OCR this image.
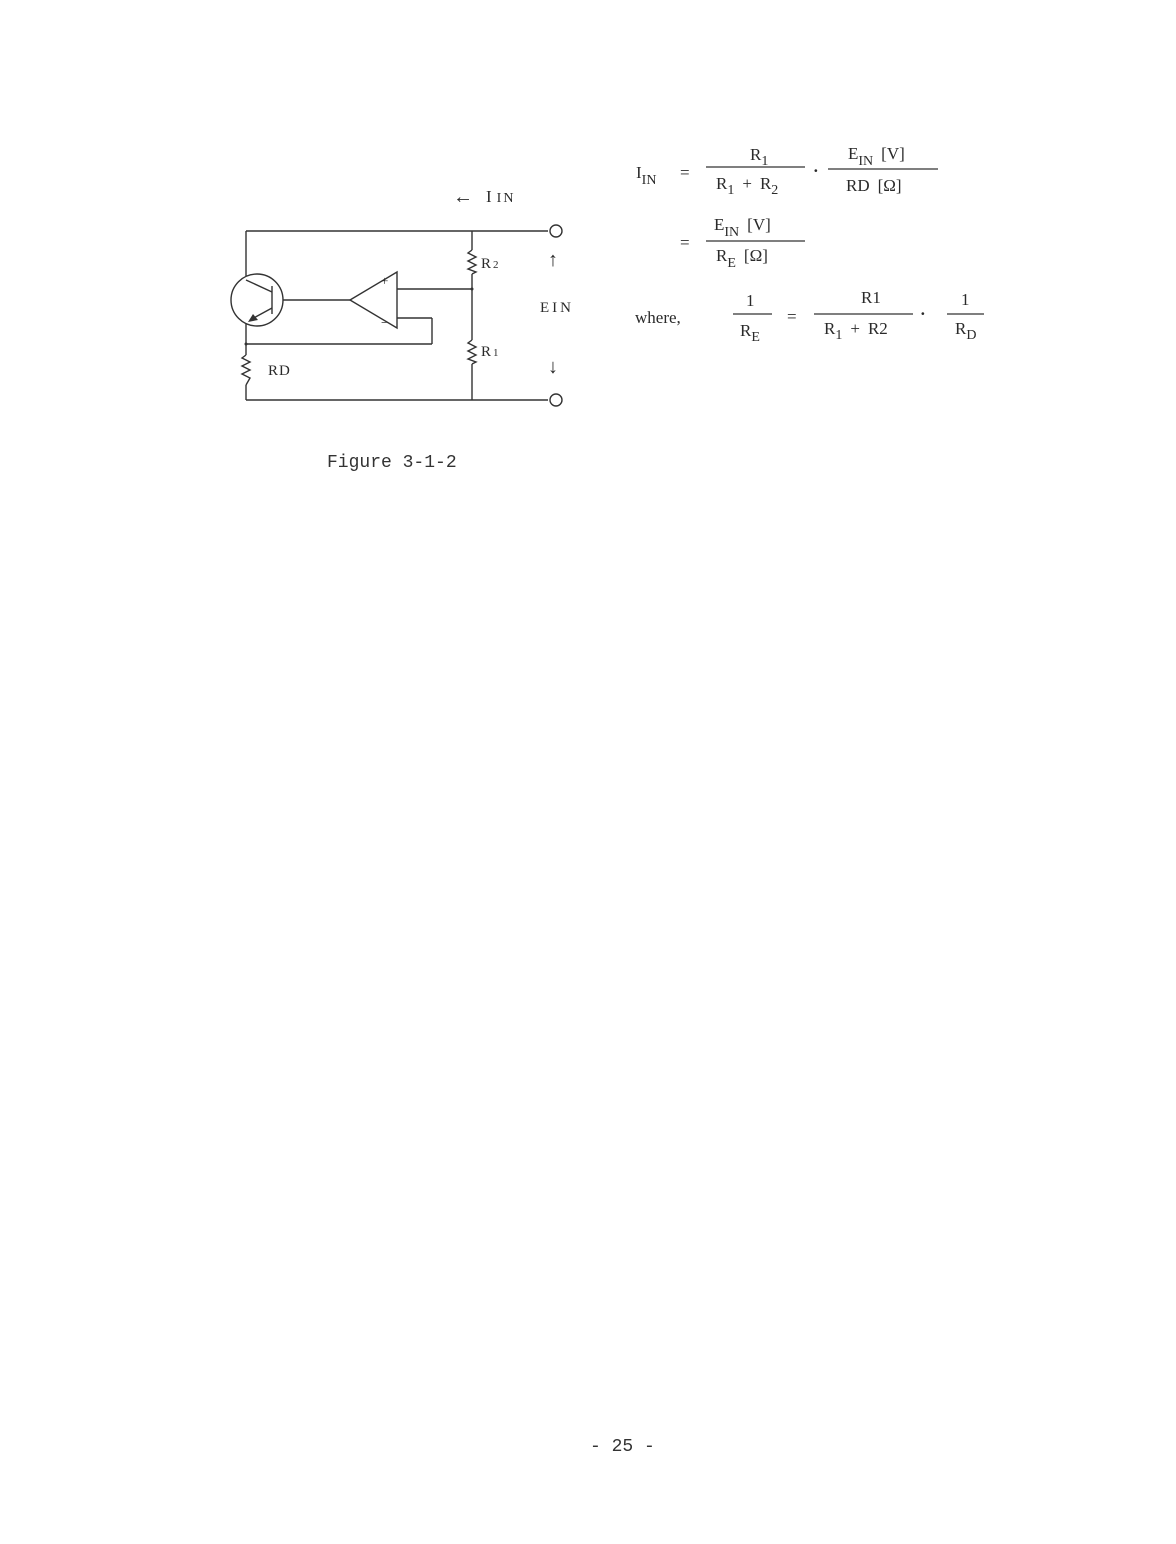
← I IN
R 2
R 1
RD
+
−
↑
EIN
↓
$I_{IN}$ =
$R_1$
$R_1 + R_2$
·
$E_{IN}$ [V]
RD [Ω]
=
$E_{IN}$ [V]
$R_E$ [Ω]
where,
1
$R_E$
=
R1
$R_1 + R2$
·
1
$R_D$
Figure 3-1-2
- 25 -
